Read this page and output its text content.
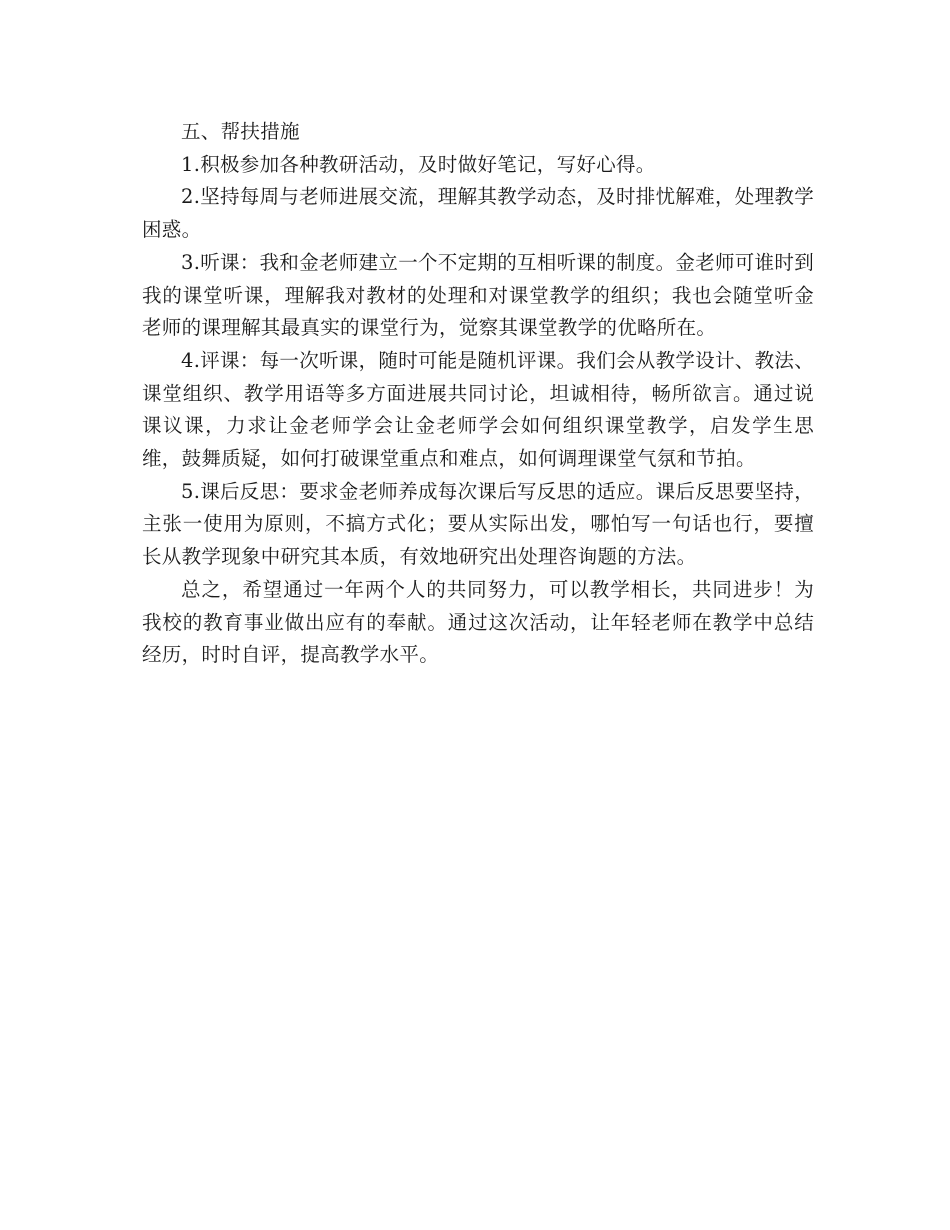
五、帮扶措施

1.积极参加各种教研活动，及时做好笔记，写好心得。

2.坚持每周与老师进展交流，理解其教学动态，及时排忧解难，处理教学困惑。

3.听课：我和金老师建立一个不定期的互相听课的制度。金老师可谁时到我的课堂听课，理解我对教材的处理和对课堂教学的组织；我也会随堂听金老师的课理解其最真实的课堂行为，觉察其课堂教学的优略所在。

4.评课：每一次听课，随时可能是随机评课。我们会从教学设计、教法、课堂组织、教学用语等多方面进展共同讨论，坦诚相待，畅所欲言。通过说课议课，力求让金老师学会让金老师学会如何组织课堂教学，启发学生思维，鼓舞质疑，如何打破课堂重点和难点，如何调理课堂气氛和节拍。

5.课后反思：要求金老师养成每次课后写反思的适应。课后反思要坚持，主张一使用为原则，不搞方式化；要从实际出发，哪怕写一句话也行，要擅长从教学现象中研究其本质，有效地研究出处理咨询题的方法。

总之，希望通过一年两个人的共同努力，可以教学相长，共同进步！为我校的教育事业做出应有的奉献。通过这次活动，让年轻老师在教学中总结经历，时时自评，提高教学水平。
